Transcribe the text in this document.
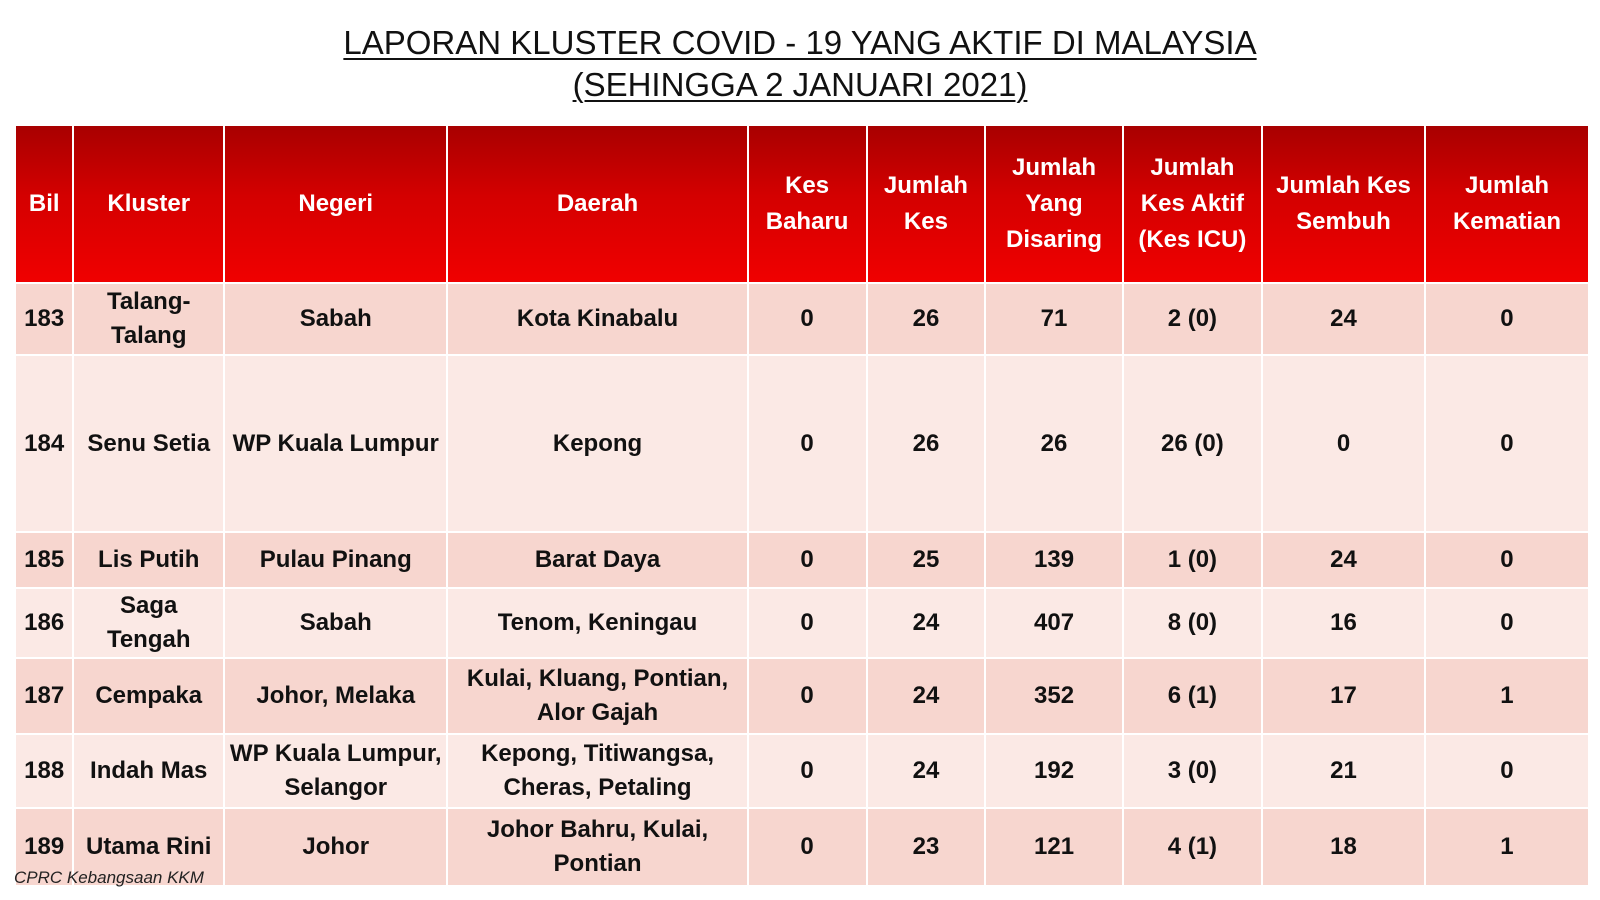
LAPORAN KLUSTER COVID - 19 YANG AKTIF DI MALAYSIA
(SEHINGGA 2 JANUARI 2021)
Bil	Kluster	Negeri	Daerah	Kes Baharu	Jumlah Kes	Jumlah Yang Disaring	Jumlah Kes Aktif (Kes ICU)	Jumlah Kes Sembuh	Jumlah Kematian
183	Talang-Talang	Sabah	Kota Kinabalu	0	26	71	2 (0)	24	0
184	Senu Setia	WP Kuala Lumpur	Kepong	0	26	26	26 (0)	0	0
185	Lis Putih	Pulau Pinang	Barat Daya	0	25	139	1 (0)	24	0
186	Saga Tengah	Sabah	Tenom, Keningau	0	24	407	8 (0)	16	0
187	Cempaka	Johor, Melaka	Kulai, Kluang, Pontian, Alor Gajah	0	24	352	6 (1)	17	1
188	Indah Mas	WP Kuala Lumpur, Selangor	Kepong, Titiwangsa, Cheras, Petaling	0	24	192	3 (0)	21	0
189	Utama Rini	Johor	Johor Bahru, Kulai, Pontian	0	23	121	4 (1)	18	1
CPRC Kebangsaan KKM
